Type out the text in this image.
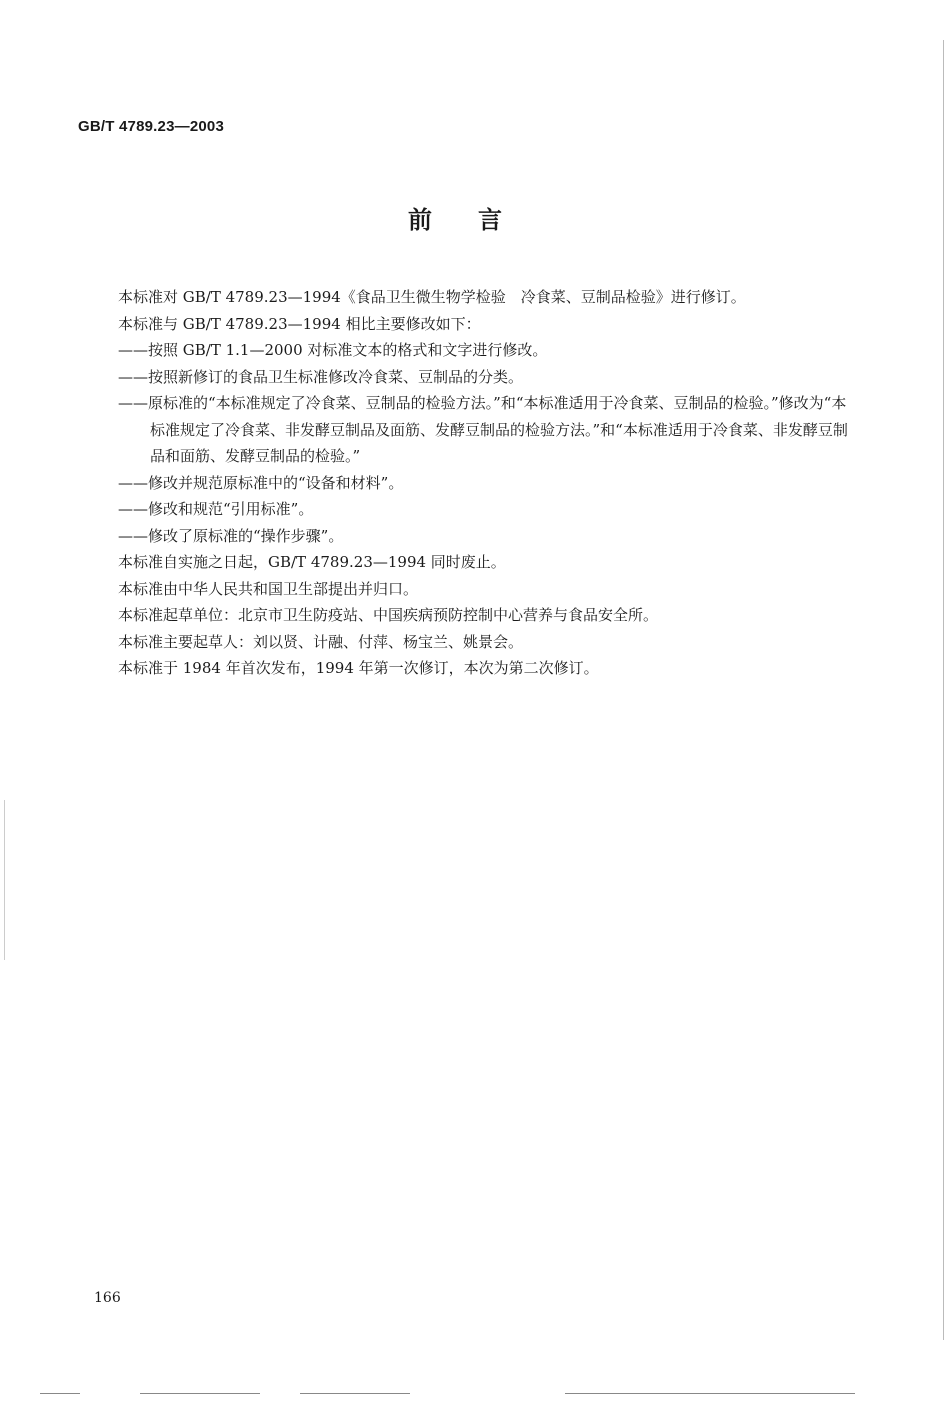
GB/T 4789.23—2003
前言

本标准对 GB/T 4789.23—1994《食品卫生微生物学检验　冷食菜、豆制品检验》进行修订。

本标准与 GB/T 4789.23—1994 相比主要修改如下：

——按照 GB/T 1.1—2000 对标准文本的格式和文字进行修改。

——按照新修订的食品卫生标准修改冷食菜、豆制品的分类。

——原标准的“本标准规定了冷食菜、豆制品的检验方法。”和“本标准适用于冷食菜、豆制品的检验。”修改为“本标准规定了冷食菜、非发酵豆制品及面筋、发酵豆制品的检验方法。”和“本标准适用于冷食菜、非发酵豆制品和面筋、发酵豆制品的检验。”

——修改并规范原标准中的“设备和材料”。

——修改和规范“引用标准”。

——修改了原标准的“操作步骤”。

本标准自实施之日起，GB/T 4789.23—1994 同时废止。

本标准由中华人民共和国卫生部提出并归口。

本标准起草单位：北京市卫生防疫站、中国疾病预防控制中心营养与食品安全所。

本标准主要起草人：刘以贤、计融、付萍、杨宝兰、姚景会。

本标准于 1984 年首次发布，1994 年第一次修订，本次为第二次修订。

166
